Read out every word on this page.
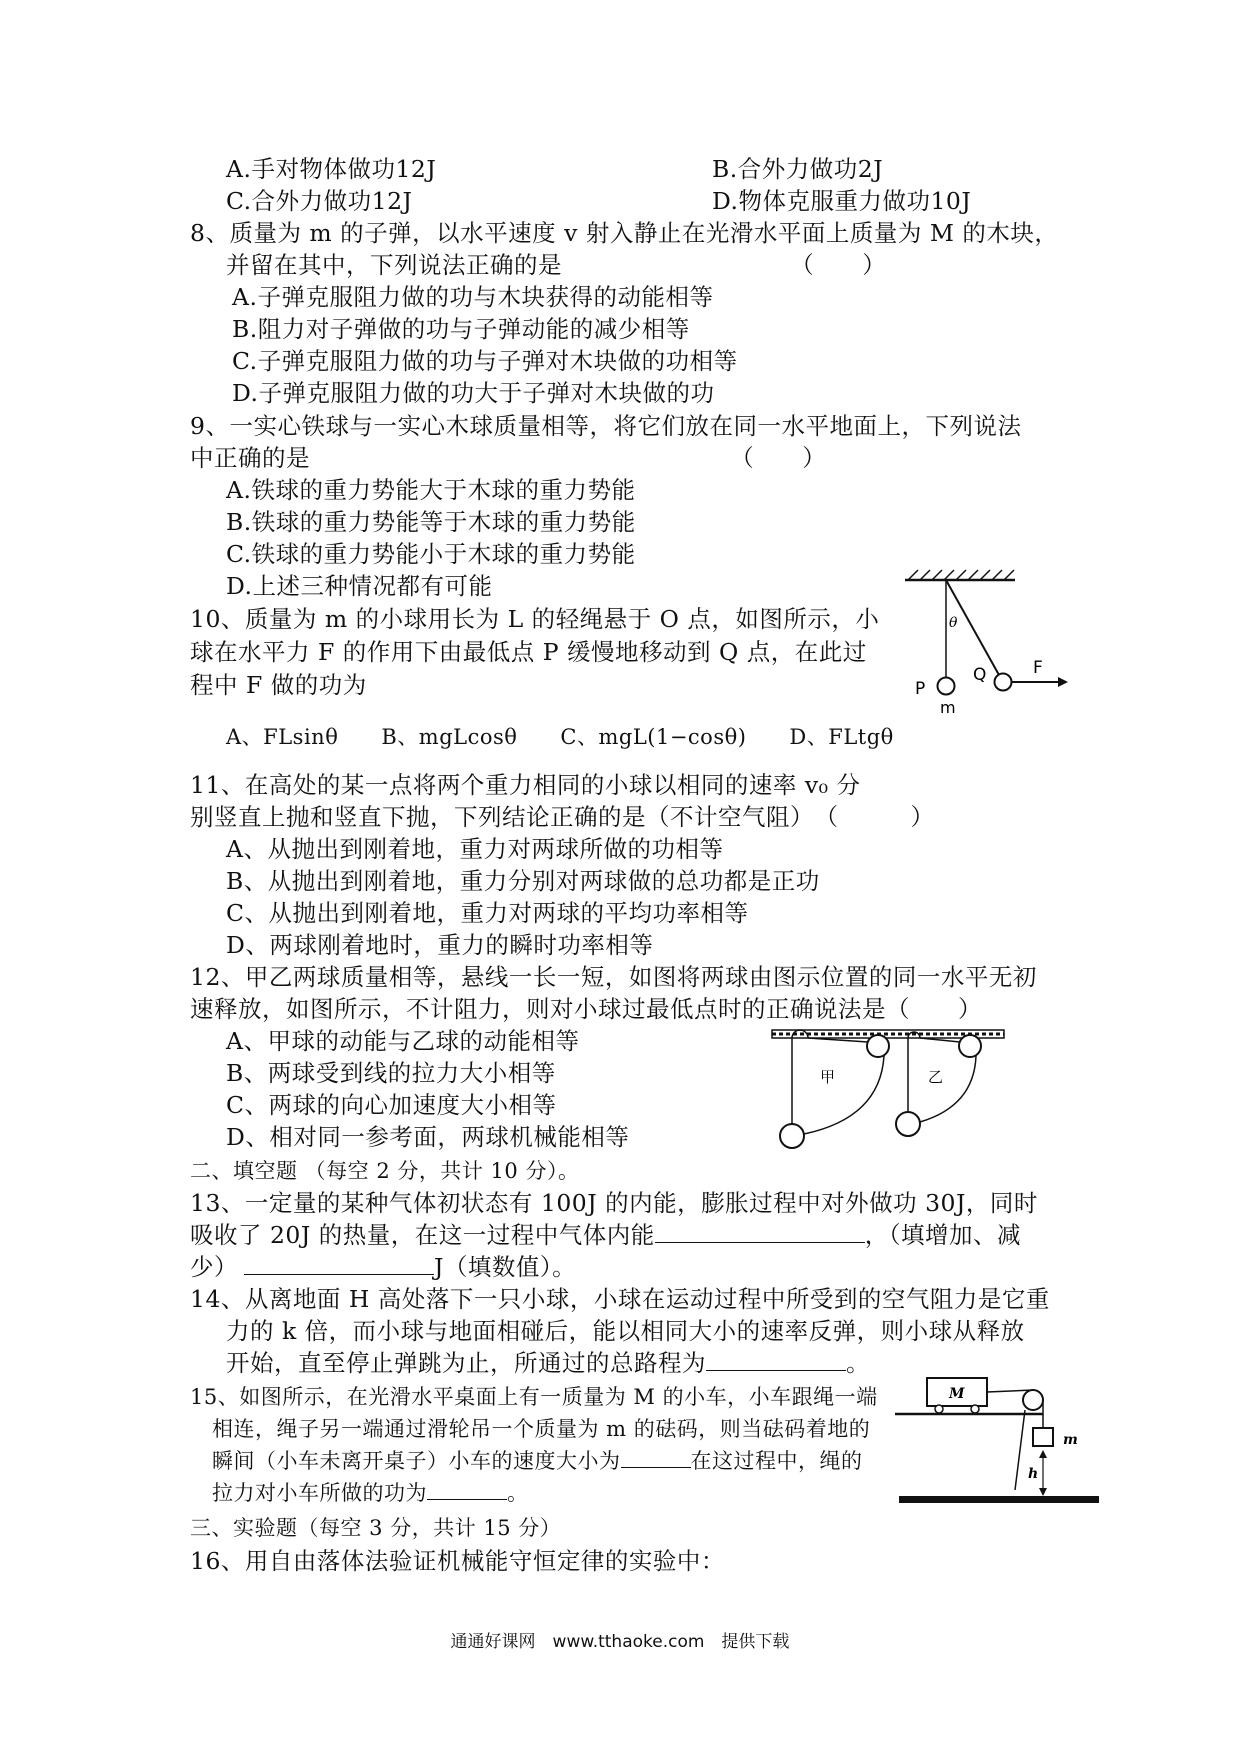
A.手对物体做功12J	B.合外力做功2J
C.合外力做功12J	D.物体克服重力做功10J
8、质量为 m 的子弹，以水平速度 v 射入静止在光滑水平面上质量为 M 的木块，
并留在其中，下列说法正确的是　　　　　　　　　　（　　）
A.子弹克服阻力做的功与木块获得的动能相等
B.阻力对子弹做的功与子弹动能的减少相等
C.子弹克服阻力做的功与子弹对木块做的功相等
D.子弹克服阻力做的功大于子弹对木块做的功
9、一实心铁球与一实心木球质量相等，将它们放在同一水平地面上，下列说法
中正确的是　　　　　　　　　　　　　　　　　　（　　）
A.铁球的重力势能大于木球的重力势能
B.铁球的重力势能等于木球的重力势能
C.铁球的重力势能小于木球的重力势能
D.上述三种情况都有可能
10、质量为 m 的小球用长为 L 的轻绳悬于 O 点，如图所示，小
球在水平力 F 的作用下由最低点 P 缓慢地移动到 Q 点，在此过
程中 F 做的功为
A、FLsinθ　　B、mgLcosθ　　C、mgL(1−cosθ)　　D、FLtgθ
θ
F
P
Q
m
11、在高处的某一点将两个重力相同的小球以相同的速率 v₀ 分
别竖直上抛和竖直下抛，下列结论正确的是（不计空气阻）　（　　　）
A、从抛出到刚着地，重力对两球所做的功相等
B、从抛出到刚着地，重力分别对两球做的总功都是正功
C、从抛出到刚着地，重力对两球的平均功率相等
D、两球刚着地时，重力的瞬时功率相等
12、甲乙两球质量相等，悬线一长一短，如图将两球由图示位置的同一水平无初
速释放，如图所示，不计阻力，则对小球过最低点时的正确说法是（　　）
A、甲球的动能与乙球的动能相等
B、两球受到线的拉力大小相等
C、两球的向心加速度大小相等
D、相对同一参考面，两球机械能相等
甲	乙
二、填空题 （每空 2 分，共计 10 分）。
13、一定量的某种气体初状态有 100J 的内能，膨胀过程中对外做功 30J，同时
吸收了 20J 的热量，在这一过程中气体内能	，（填增加、减
少）	J（填数值）。
14、从离地面 H 高处落下一只小球，小球在运动过程中所受到的空气阻力是它重
力的 k 倍，而小球与地面相碰后，能以相同大小的速率反弹，则小球从释放
开始，直至停止弹跳为止，所通过的总路程为	。
15、如图所示，在光滑水平桌面上有一质量为 M 的小车，小车跟绳一端
相连，绳子另一端通过滑轮吊一个质量为 m 的砝码，则当砝码着地的
瞬间（小车未离开桌子）小车的速度大小为	在这过程中，绳的
拉力对小车所做的功为	。
M
m
h
三、实验题（每空 3 分，共计 15 分）
16、用自由落体法验证机械能守恒定律的实验中：
通通好课网　www.tthaoke.com　提供下载
